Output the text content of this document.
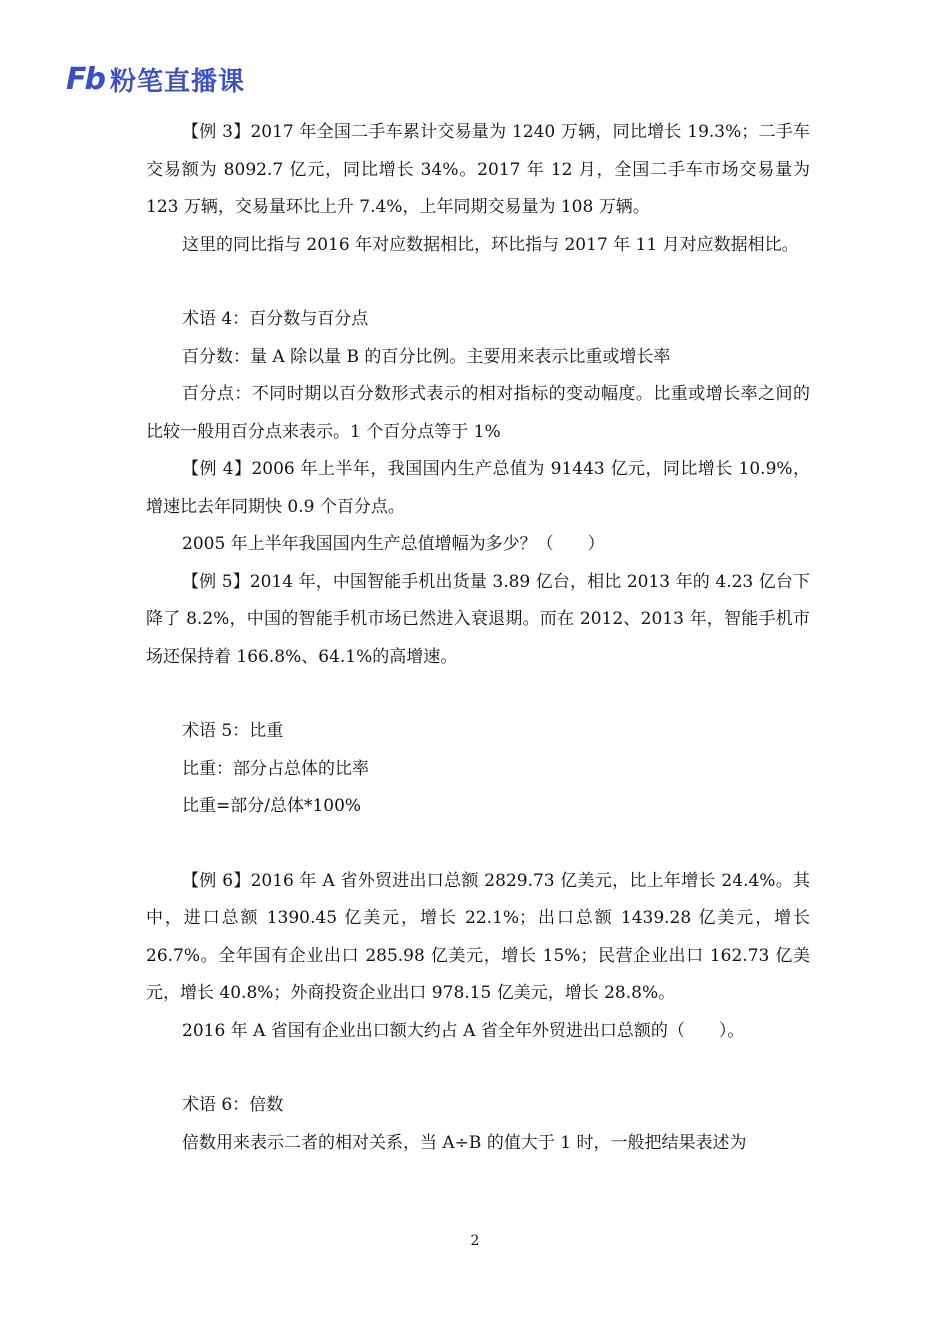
Fb 粉笔直播课

【例 3】2017 年全国二手车累计交易量为 1240 万辆，同比增长 19.3%；二手车交易额为 8092.7 亿元，同比增长 34%。2017 年 12 月，全国二手车市场交易量为 123 万辆，交易量环比上升 7.4%，上年同期交易量为 108 万辆。

这里的同比指与 2016 年对应数据相比，环比指与 2017 年 11 月对应数据相比。

术语 4：百分数与百分点

百分数：量 A 除以量 B 的百分比例。主要用来表示比重或增长率

百分点：不同时期以百分数形式表示的相对指标的变动幅度。比重或增长率之间的比较一般用百分点来表示。1 个百分点等于 1%

【例 4】2006 年上半年，我国国内生产总值为 91443 亿元，同比增长 10.9%，增速比去年同期快 0.9 个百分点。

2005 年上半年我国国内生产总值增幅为多少？（　　）

【例 5】2014 年，中国智能手机出货量 3.89 亿台，相比 2013 年的 4.23 亿台下降了 8.2%，中国的智能手机市场已然进入衰退期。而在 2012、2013 年，智能手机市场还保持着 166.8%、64.1%的高增速。

术语 5：比重

比重：部分占总体的比率

比重=部分/总体*100%

【例 6】2016 年 A 省外贸进出口总额 2829.73 亿美元，比上年增长 24.4%。其中，进口总额 1390.45 亿美元，增长 22.1%；出口总额 1439.28 亿美元，增长 26.7%。全年国有企业出口 285.98 亿美元，增长 15%；民营企业出口 162.73 亿美元，增长 40.8%；外商投资企业出口 978.15 亿美元，增长 28.8%。

2016 年 A 省国有企业出口额大约占 A 省全年外贸进出口总额的（　　）。

术语 6：倍数

倍数用来表示二者的相对关系，当 A÷B 的值大于 1 时，一般把结果表述为

2
